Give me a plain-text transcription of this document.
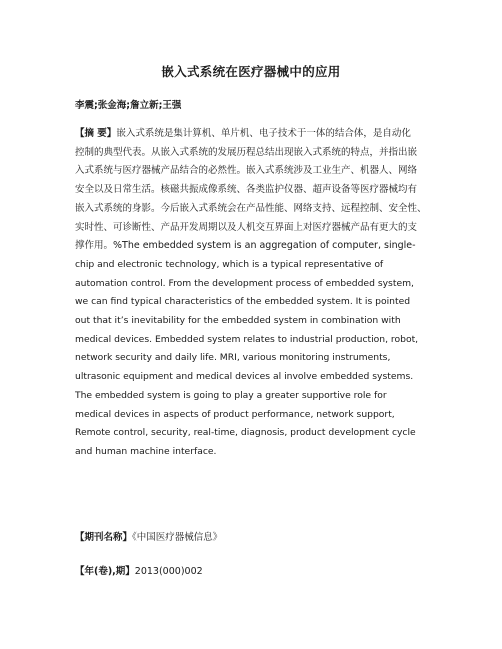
嵌入式系统在医疗器械中的应用
李震;张金海;詹立新;王强
【摘 要】嵌入式系统是集计算机、单片机、电子技术于一体的结合体，是自动化
控制的典型代表。从嵌入式系统的发展历程总结出现嵌入式系统的特点，并指出嵌
入式系统与医疗器械产品结合的必然性。嵌入式系统涉及工业生产、机器人、网络
安全以及日常生活。核磁共振成像系统、各类监护仪器、超声设备等医疗器械均有
嵌入式系统的身影。今后嵌入式系统会在产品性能、网络支持、远程控制、安全性、
实时性、可诊断性、产品开发周期以及人机交互界面上对医疗器械产品有更大的支
撑作用。%The embedded system is an aggregation of computer, single-
chip and electronic technology, which is a typical representative of
automation control. From the development process of embedded system,
we can find typical characteristics of the embedded system. It is pointed
out that it’s inevitability for the embedded system in combination with
medical devices. Embedded system relates to industrial production, robot,
network security and daily life. MRI, various monitoring instruments,
ultrasonic equipment and medical devices al involve embedded systems.
The embedded system is going to play a greater supportive role for
medical devices in aspects of product performance, network support,
Remote control, security, real-time, diagnosis, product development cycle
and human machine interface.
【期刊名称】《中国医疗器械信息》
【年(卷),期】2013(000)002
